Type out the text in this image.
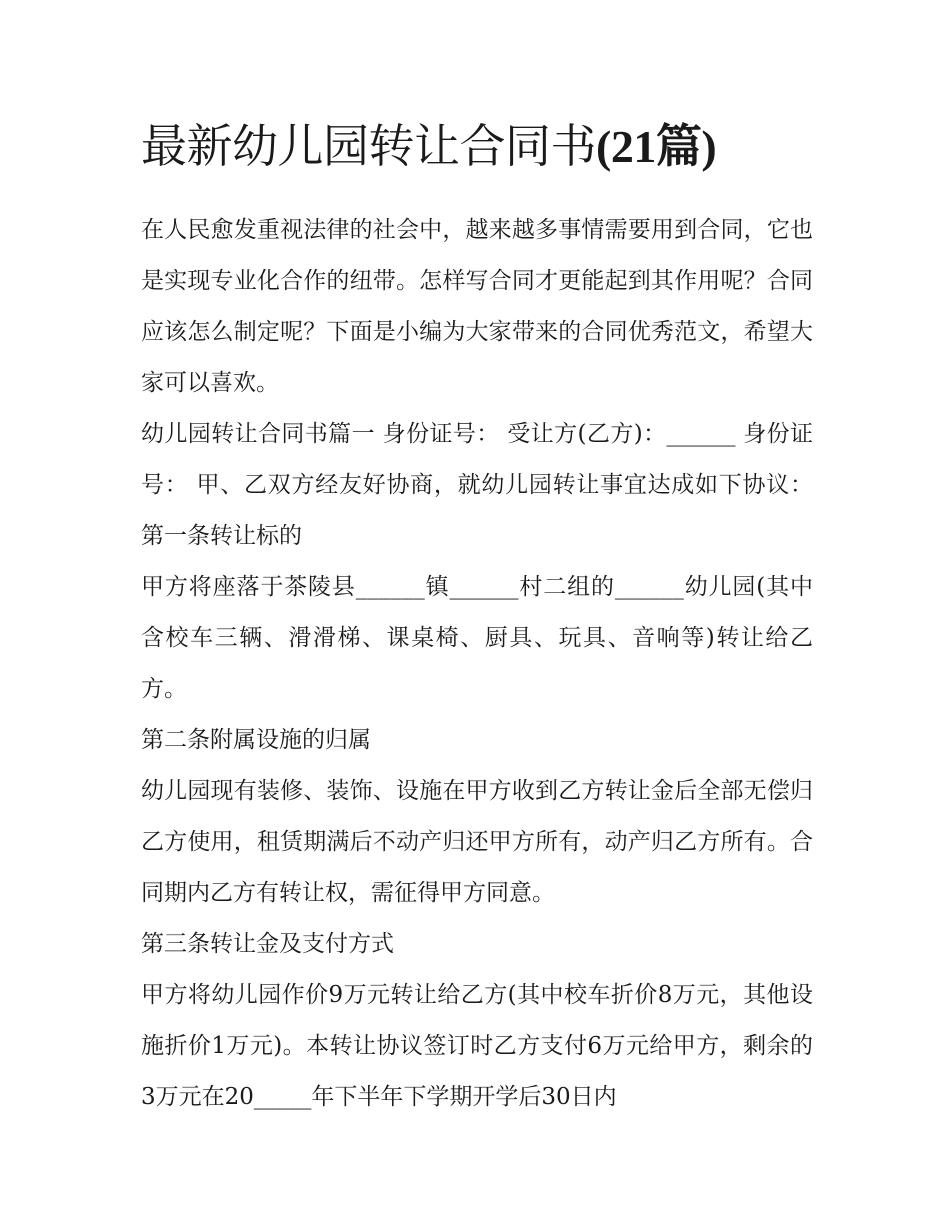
最新幼儿园转让合同书(21篇)

在人民愈发重视法律的社会中，越来越多事情需要用到合同，它也是实现专业化合作的纽带。怎样写合同才更能起到其作用呢？合同应该怎么制定呢？下面是小编为大家带来的合同优秀范文，希望大家可以喜欢。

幼儿园转让合同书篇一 身份证号： 受让方(乙方)：______ 身份证号： 甲、乙双方经友好协商，就幼儿园转让事宜达成如下协议： 第一条转让标的

甲方将座落于茶陵县______镇______村二组的______幼儿园(其中含校车三辆、滑滑梯、课桌椅、厨具、玩具、音响等)转让给乙方。

第二条附属设施的归属

幼儿园现有装修、装饰、设施在甲方收到乙方转让金后全部无偿归乙方使用，租赁期满后不动产归还甲方所有，动产归乙方所有。合同期内乙方有转让权，需征得甲方同意。

第三条转让金及支付方式

甲方将幼儿园作价9万元转让给乙方(其中校车折价8万元，其他设施折价1万元)。本转让协议签订时乙方支付6万元给甲方，剩余的3万元在20_____年下半年下学期开学后30日内
